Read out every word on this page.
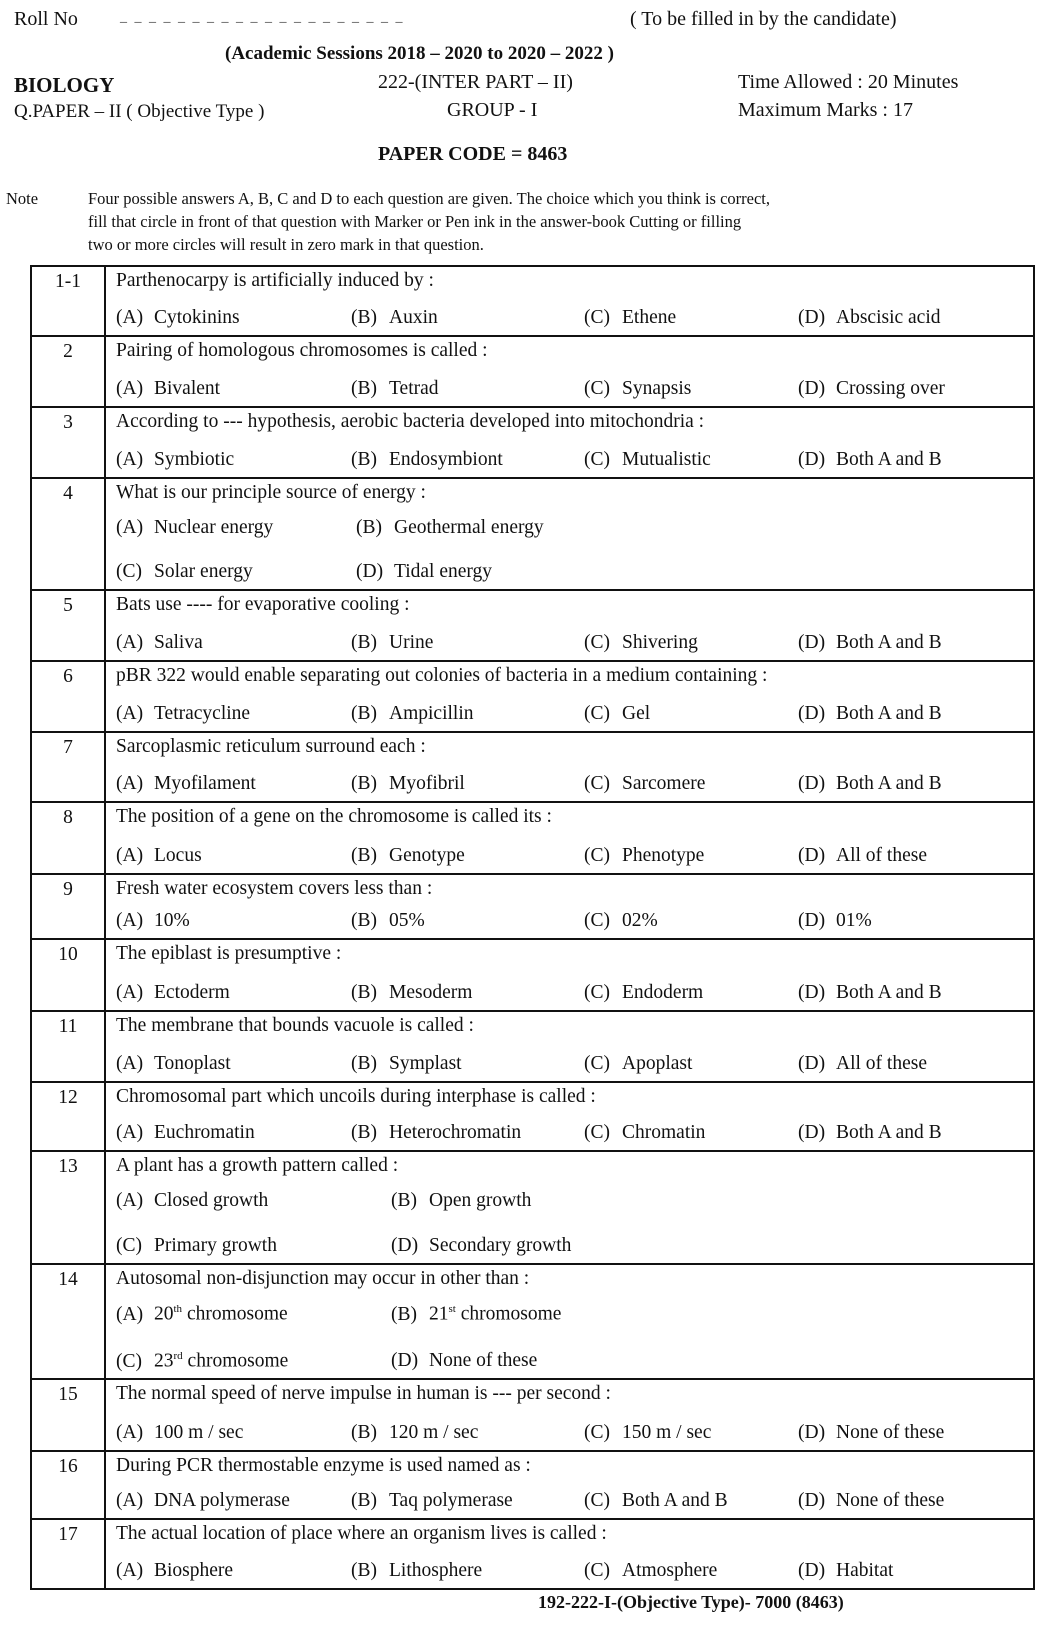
Roll No	_ _ _ _ _ _ _ _ _ _ _ _ _ _ _ _ _ _ _ _	( To be filled in by the candidate)
(Academic Sessions 2018 – 2020 to 2020 – 2022 )
BIOLOGY	222-(INTER PART – II)	Time Allowed : 20 Minutes
Q.PAPER – II ( Objective Type )	GROUP - I	Maximum Marks : 17
PAPER CODE = 8463
Note	Four possible answers A, B, C and D to each question are given. The choice which you think is correct,
fill that circle in front of that question with Marker or Pen ink in the answer-book Cutting or filling
two or more circles will result in zero mark in that question.
1-1	Parthenocarpy is artificially induced by :
(A) Cytokinins (B) Auxin (C) Ethene (D) Abscisic acid

2	Pairing of homologous chromosomes is called :
(A) Bivalent (B) Tetrad (C) Synapsis (D) Crossing over

3	According to --- hypothesis, aerobic bacteria developed into mitochondria :
(A) Symbiotic (B) Endosymbiont (C) Mutualistic (D) Both A and B

4	What is our principle source of energy :
(A) Nuclear energy (B) Geothermal energy
(C) Solar energy (D) Tidal energy

5	Bats use ---- for evaporative cooling :
(A) Saliva (B) Urine (C) Shivering (D) Both A and B

6	pBR 322 would enable separating out colonies of bacteria in a medium containing :
(A) Tetracycline (B) Ampicillin (C) Gel (D) Both A and B

7	Sarcoplasmic reticulum surround each :
(A) Myofilament (B) Myofibril (C) Sarcomere (D) Both A and B

8	The position of a gene on the chromosome is called its :
(A) Locus (B) Genotype (C) Phenotype (D) All of these

9	Fresh water ecosystem covers less than :
(A) 10% (B) 05% (C) 02% (D) 01%

10	The epiblast is presumptive :
(A) Ectoderm (B) Mesoderm (C) Endoderm (D) Both A and B

11	The membrane that bounds vacuole is called :
(A) Tonoplast (B) Symplast (C) Apoplast (D) All of these

12	Chromosomal part which uncoils during interphase is called :
(A) Euchromatin (B) Heterochromatin (C) Chromatin (D) Both A and B

13	A plant has a growth pattern called :
(A) Closed growth (B) Open growth
(C) Primary growth (D) Secondary growth

14	Autosomal non-disjunction may occur in other than :
(A) 20th chromosome (B) 21st chromosome
(C) 23rd chromosome (D) None of these

15	The normal speed of nerve impulse in human is --- per second :
(A) 100 m / sec (B) 120 m / sec (C) 150 m / sec (D) None of these

16	During PCR thermostable enzyme is used named as :
(A) DNA polymerase (B) Taq polymerase (C) Both A and B (D) None of these

17	The actual location of place where an organism lives is called :
(A) Biosphere (B) Lithosphere (C) Atmosphere (D) Habitat
192-222-I-(Objective Type)- 7000 (8463)
